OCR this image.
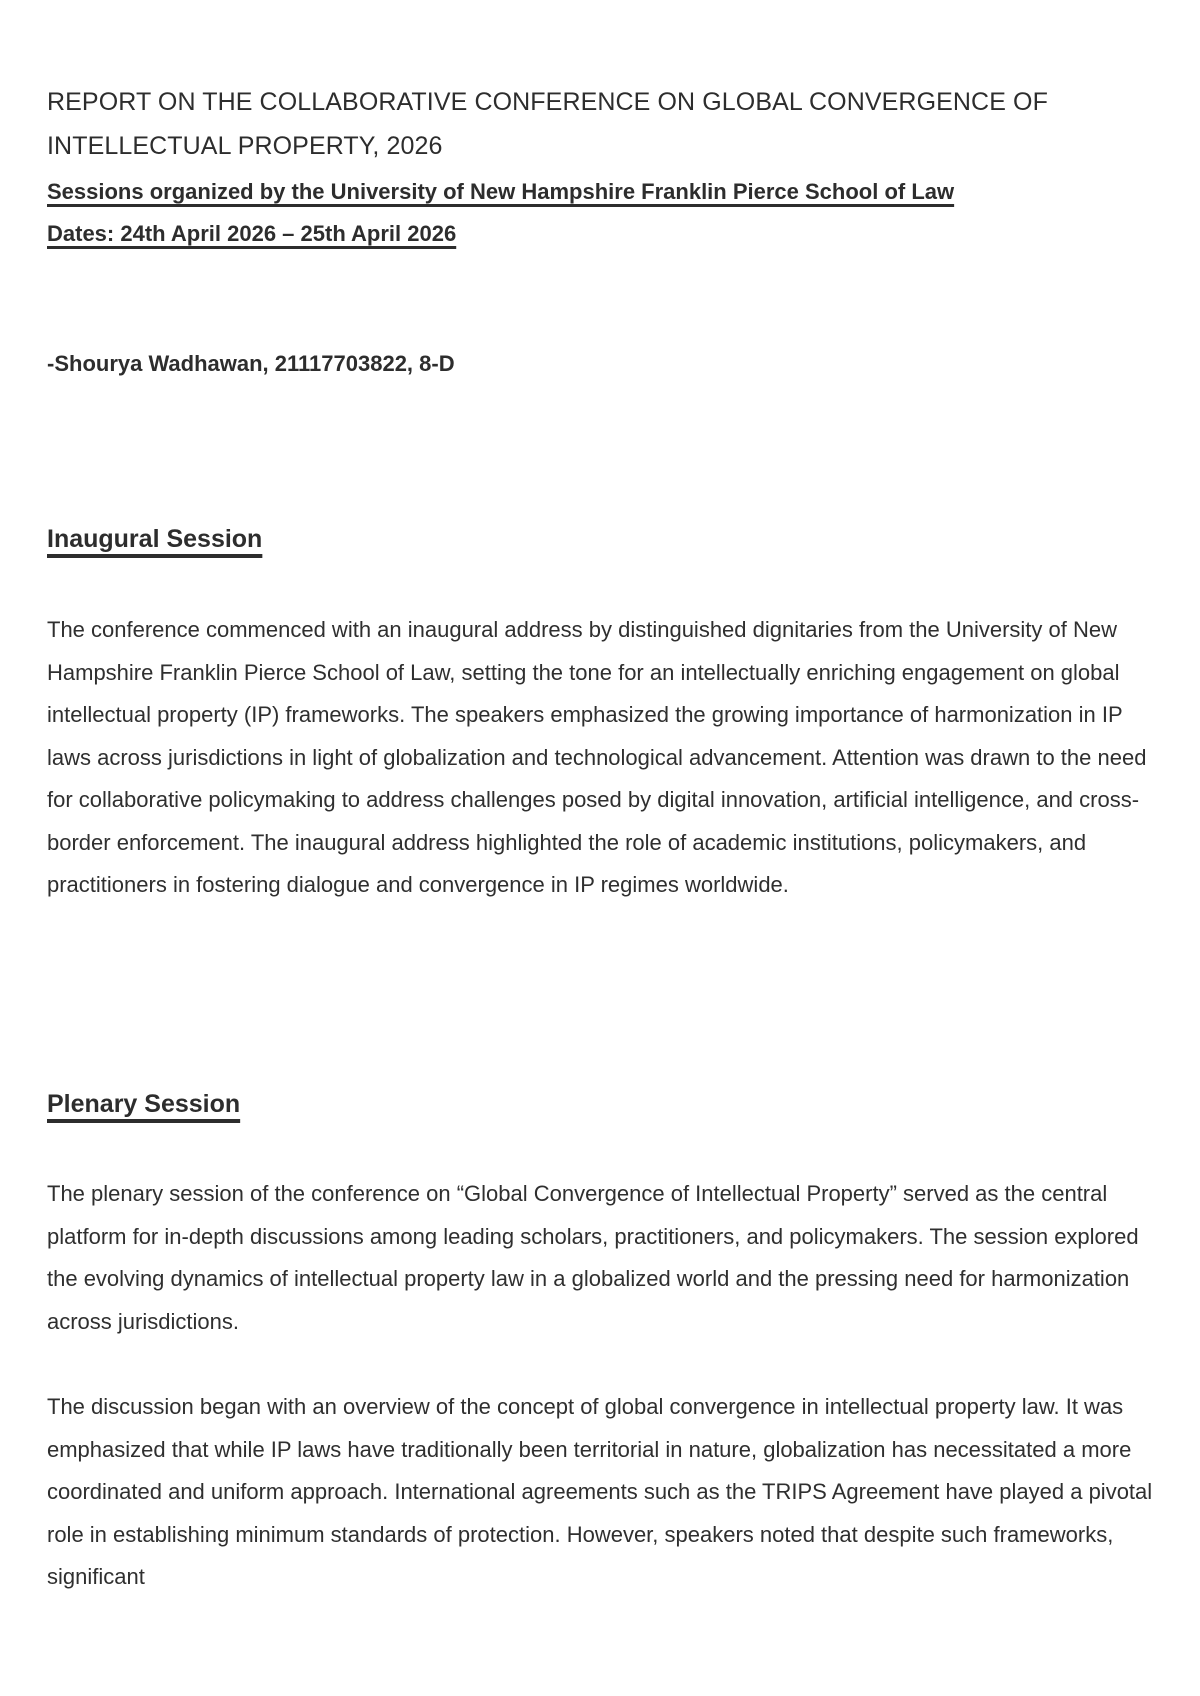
REPORT ON THE COLLABORATIVE CONFERENCE ON GLOBAL CONVERGENCE OF INTELLECTUAL PROPERTY, 2026

Sessions organized by the University of New Hampshire Franklin Pierce School of Law

Dates: 24th April 2026 – 25th April 2026

-Shourya Wadhawan, 21117703822, 8-D

Inaugural Session

The conference commenced with an inaugural address by distinguished dignitaries from the University of New Hampshire Franklin Pierce School of Law, setting the tone for an intellectually enriching engagement on global intellectual property (IP) frameworks. The speakers emphasized the growing importance of harmonization in IP laws across jurisdictions in light of globalization and technological advancement. Attention was drawn to the need for collaborative policymaking to address challenges posed by digital innovation, artificial intelligence, and cross-border enforcement. The inaugural address highlighted the role of academic institutions, policymakers, and practitioners in fostering dialogue and convergence in IP regimes worldwide.

Plenary Session

The plenary session of the conference on “Global Convergence of Intellectual Property” served as the central platform for in-depth discussions among leading scholars, practitioners, and policymakers. The session explored the evolving dynamics of intellectual property law in a globalized world and the pressing need for harmonization across jurisdictions.

The discussion began with an overview of the concept of global convergence in intellectual property law. It was emphasized that while IP laws have traditionally been territorial in nature, globalization has necessitated a more coordinated and uniform approach. International agreements such as the TRIPS Agreement have played a pivotal role in establishing minimum standards of protection. However, speakers noted that despite such frameworks, significant
